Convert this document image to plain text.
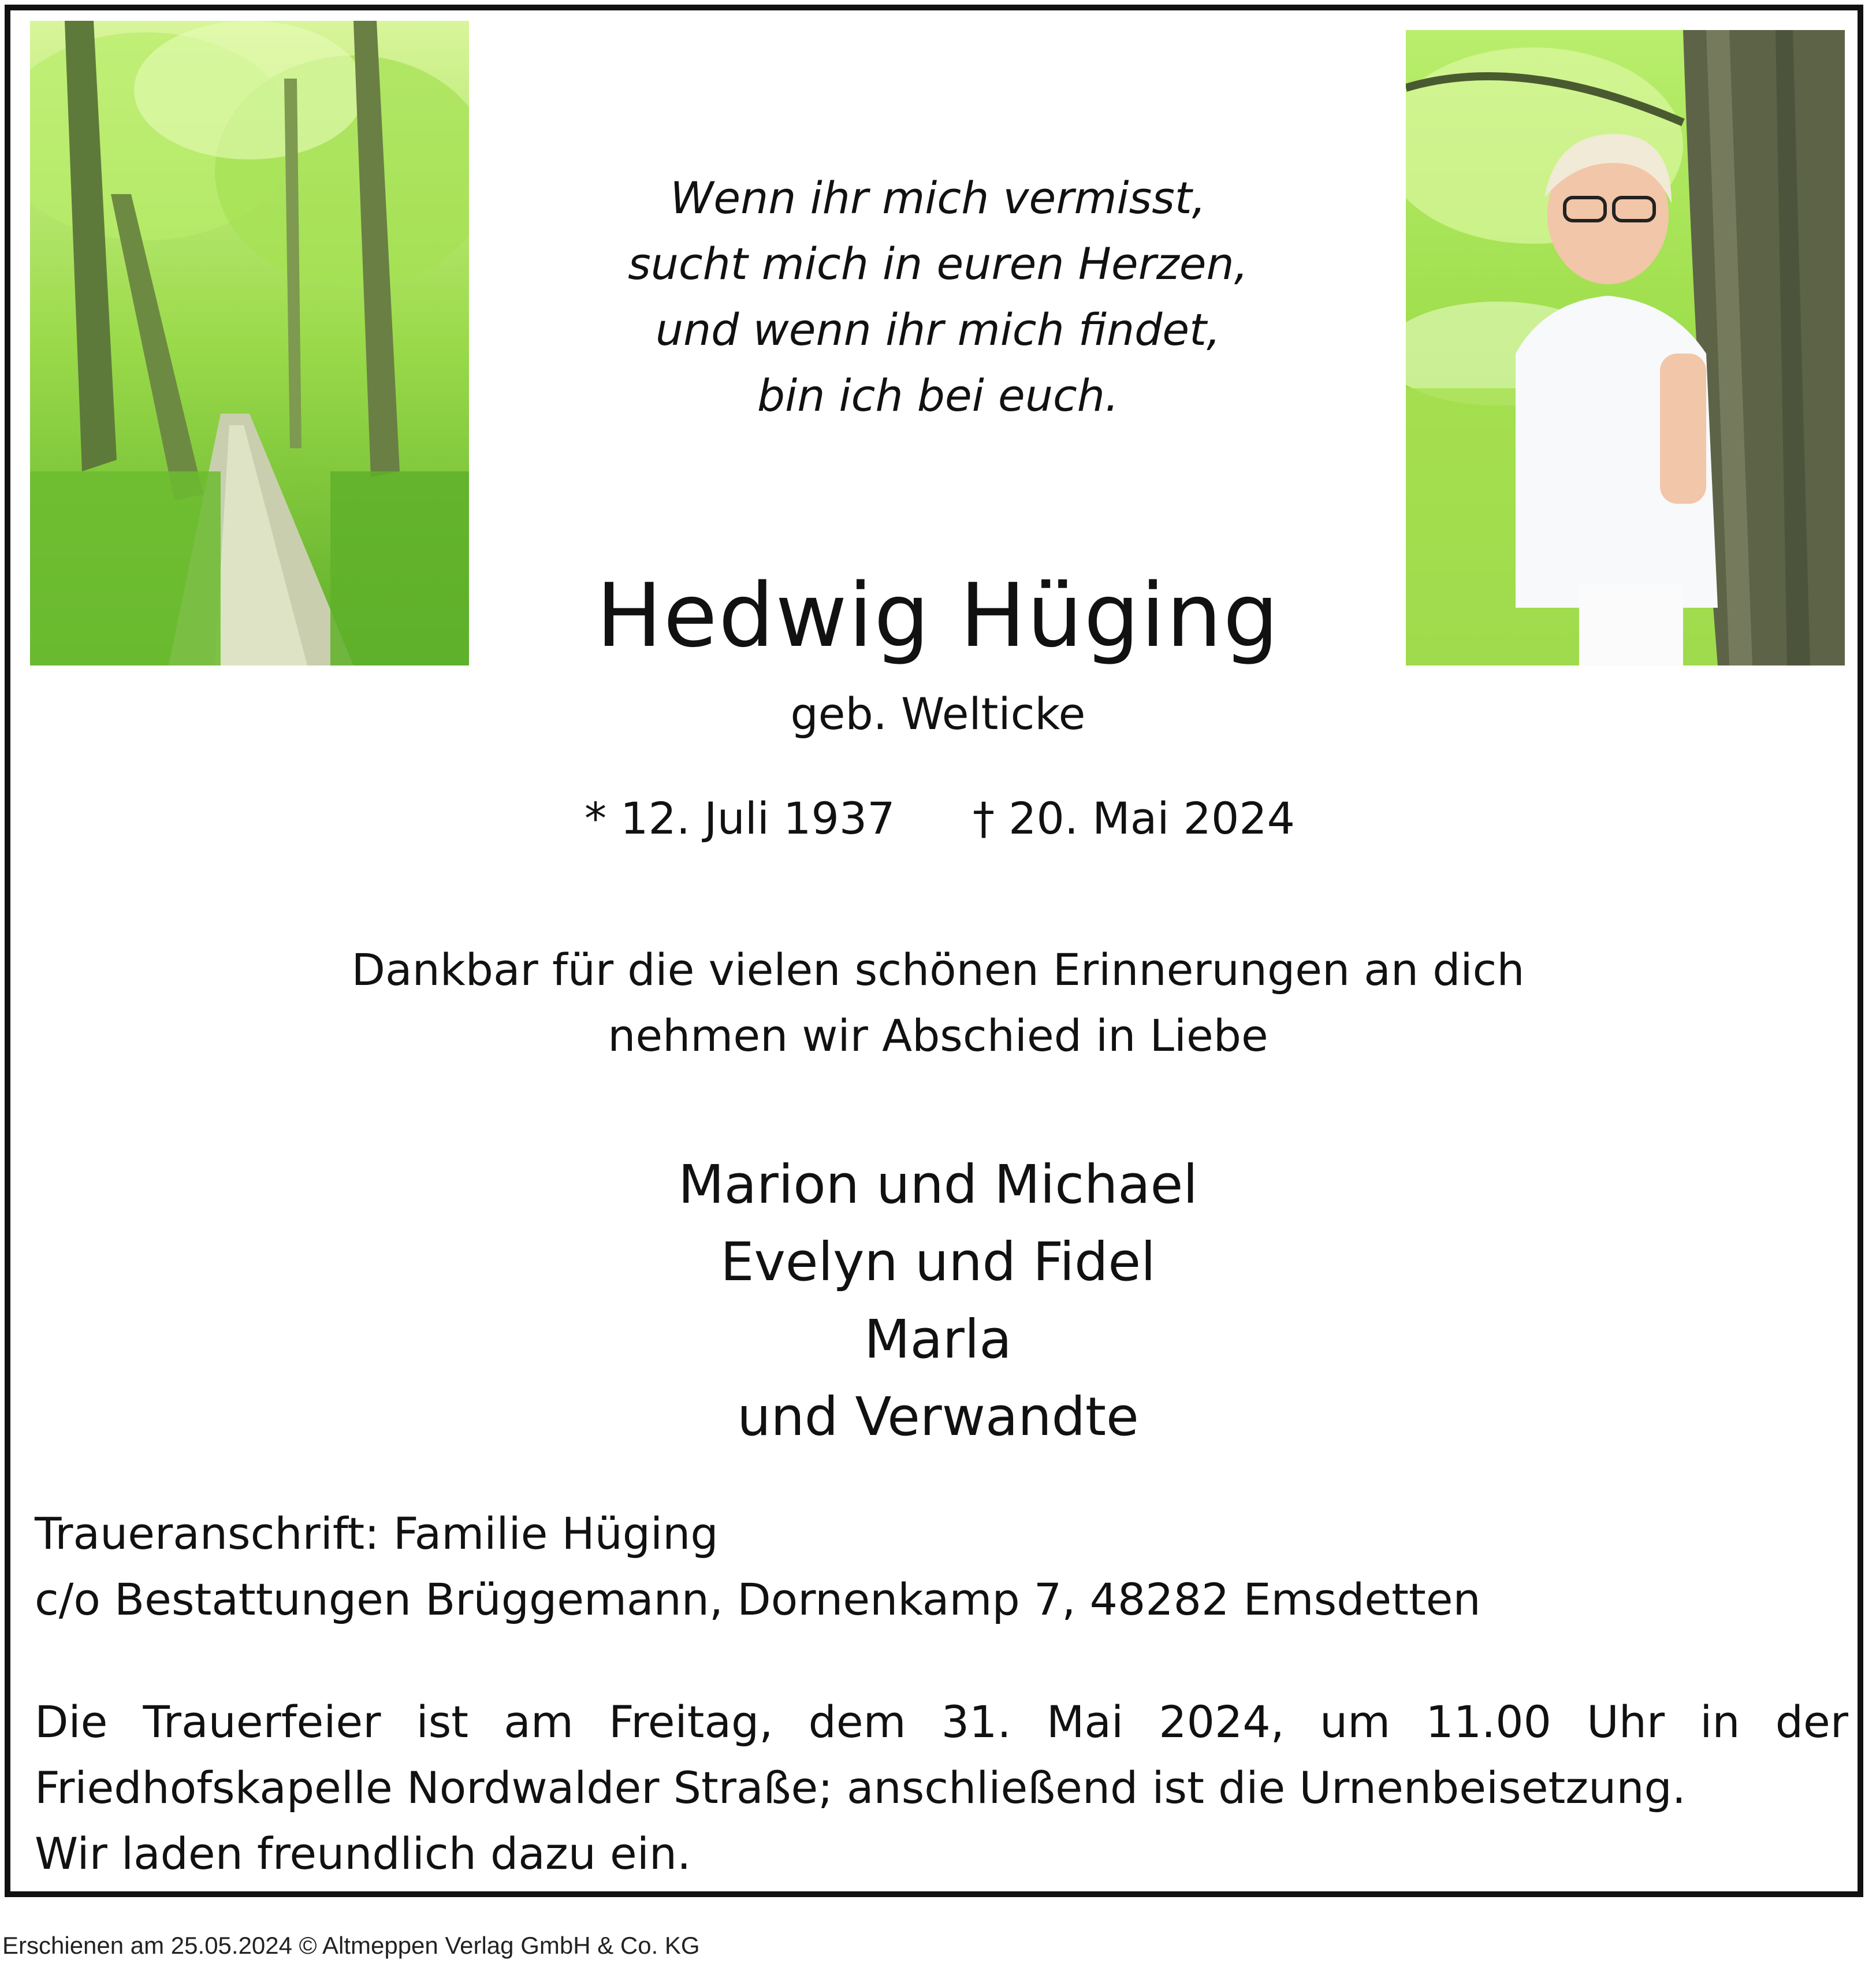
Wenn ihr mich vermisst,
sucht mich in euren Herzen,
und wenn ihr mich findet,
bin ich bei euch.
Hedwig Hüging
geb. Welticke
* 12. Juli 1937 † 20. Mai 2024
Dankbar für die vielen schönen Erinnerungen an dich
nehmen wir Abschied in Liebe
Marion und Michael
Evelyn und Fidel
Marla
und Verwandte
Traueranschrift: Familie Hüging
c/o Bestattungen Brüggemann, Dornenkamp 7, 48282 Emsdetten
Die Trauerfeier ist am Freitag, dem 31. Mai 2024, um 11.00 Uhr in der
Friedhofskapelle Nordwalder Straße; anschließend ist die Urnenbeisetzung.
Wir laden freundlich dazu ein.
Erschienen am 25.05.2024 © Altmeppen Verlag GmbH & Co. KG
